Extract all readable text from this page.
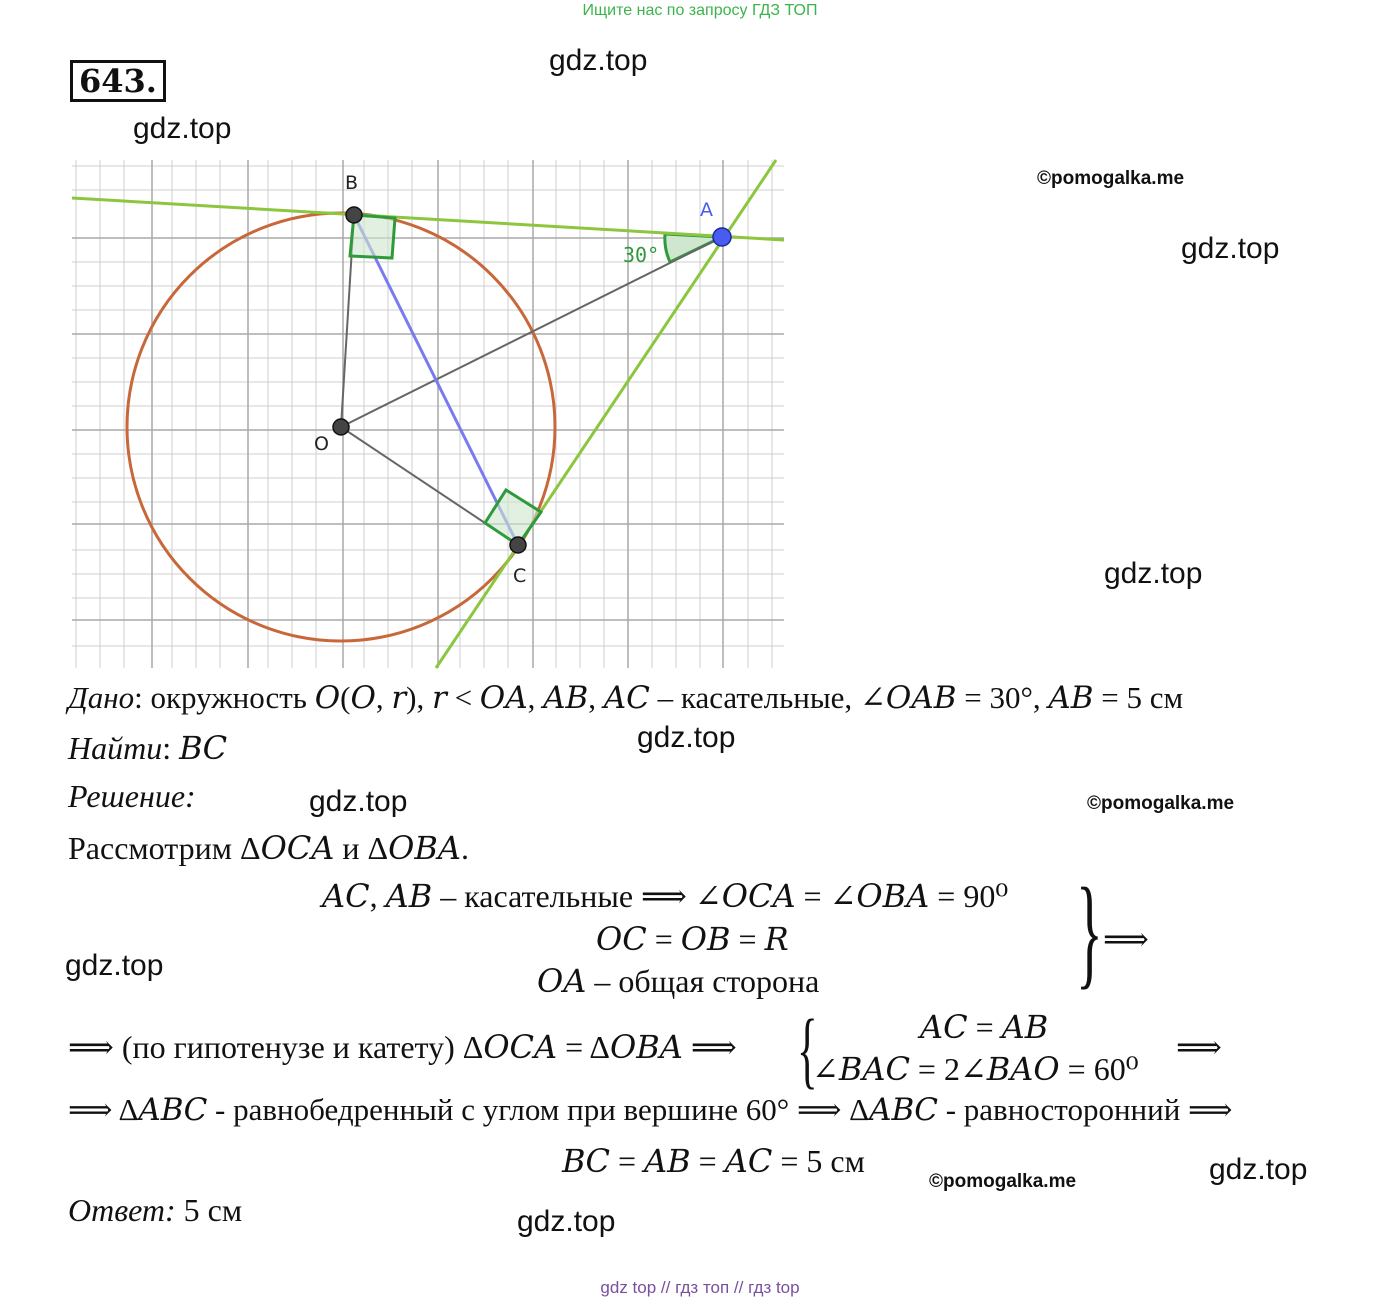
Ищите нас по запросу ГДЗ ТОП
643.
B
A
O
C
30°
gdz.top
gdz.top
©pomogalka.me
gdz.top
gdz.top
gdz.top
gdz.top	©pomogalka.me
gdz.top
©pomogalka.me	gdz.top
gdz.top
Дано: окружность 𝑂(𝑂, 𝑟), 𝑟 < 𝑂𝐴, 𝐴𝐵, 𝐴𝐶 – касательные, ∠𝑂𝐴𝐵 = 30°, 𝐴𝐵 = 5 см
Найти: 𝐵𝐶
Решение:
Рассмотрим Δ𝑂𝐶𝐴 и Δ𝑂𝐵𝐴.
𝐴𝐶, 𝐴𝐵 – касательные ⟹ ∠𝑂𝐶𝐴 = ∠𝑂𝐵𝐴 = 90⁰
𝑂𝐶 = 𝑂𝐵 = 𝑅
𝑂𝐴 – общая сторона } ⟹
⟹ (по гипотенузе и катету) Δ𝑂𝐶𝐴 = Δ𝑂𝐵𝐴 ⟹ {	𝐴𝐶 = 𝐴𝐵
∠𝐵𝐴𝐶 = 2∠𝐵𝐴𝑂 = 60⁰
⟹
⟹ Δ𝐴𝐵𝐶 - равнобедренный с углом при вершине 60° ⟹ Δ𝐴𝐵𝐶 - равносторонний ⟹
𝐵𝐶 = 𝐴𝐵 = 𝐴𝐶 = 5 см
Ответ: 5 см
gdz top // гдз топ // гдз top
